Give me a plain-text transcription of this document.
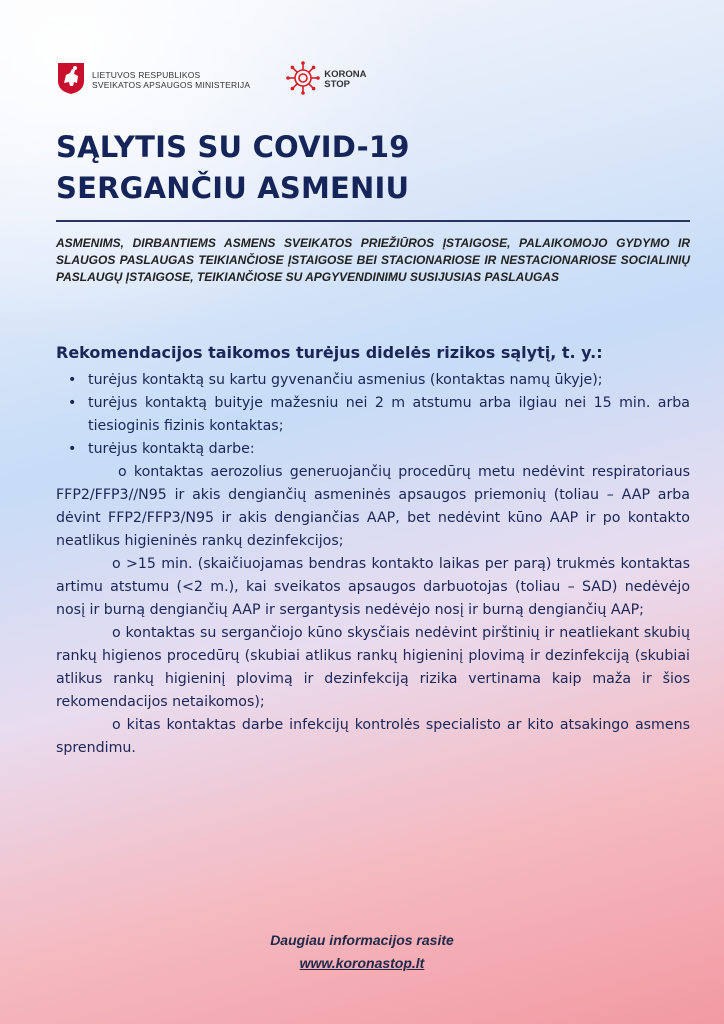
LIETUVOS RESPUBLIKOS
SVEIKATOS APSAUGOS MINISTERIJA
KORONA
STOP
SĄLYTIS SU COVID-19
SERGANČIU ASMENIU

ASMENIMS, DIRBANTIEMS ASMENS SVEIKATOS PRIEŽIŪROS ĮSTAIGOSE, PALAIKOMOJO GYDYMO IR SLAUGOS PASLAUGAS TEIKIANČIOSE ĮSTAIGOSE BEI STACIONARIOSE IR NESTACIONARIOSE SOCIALINIŲ PASLAUGŲ ĮSTAIGOSE, TEIKIANČIOSE SU APGYVENDINIMU SUSIJUSIAS PASLAUGAS

Rekomendacijos taikomos turėjus didelės rizikos sąlytį, t. y.:
• turėjus kontaktą su kartu gyvenančiu asmenius (kontaktas namų ūkyje);
• turėjus kontaktą buityje mažesniu nei 2 m atstumu arba ilgiau nei 15 min. arba tiesioginis fizinis kontaktas;
• turėjus kontaktą darbe:

o kontaktas aerozolius generuojančių procedūrų metu nedėvint respiratoriaus FFP2/FFP3//N95 ir akis dengiančių asmeninės apsaugos priemonių (toliau – AAP arba dėvint FFP2/FFP3/N95 ir akis dengiančias AAP, bet nedėvint kūno AAP ir po kontakto neatlikus higieninės rankų dezinfekcijos;

o >15 min. (skaičiuojamas bendras kontakto laikas per parą) trukmės kontaktas artimu atstumu (<2 m.), kai sveikatos apsaugos darbuotojas (toliau – SAD) nedėvėjo nosį ir burną dengiančių AAP ir sergantysis nedėvėjo nosį ir burną dengiančių AAP;

o kontaktas su sergančiojo kūno skysčiais nedėvint pirštinių ir neatliekant skubių rankų higienos procedūrų (skubiai atlikus rankų higieninį plovimą ir dezinfekciją (skubiai atlikus rankų higieninį plovimą ir dezinfekciją rizika vertinama kaip maža ir šios rekomendacijos netaikomos);

o kitas kontaktas darbe infekcijų kontrolės specialisto ar kito atsakingo asmens sprendimu.

Daugiau informacijos rasite
www.koronastop.lt
